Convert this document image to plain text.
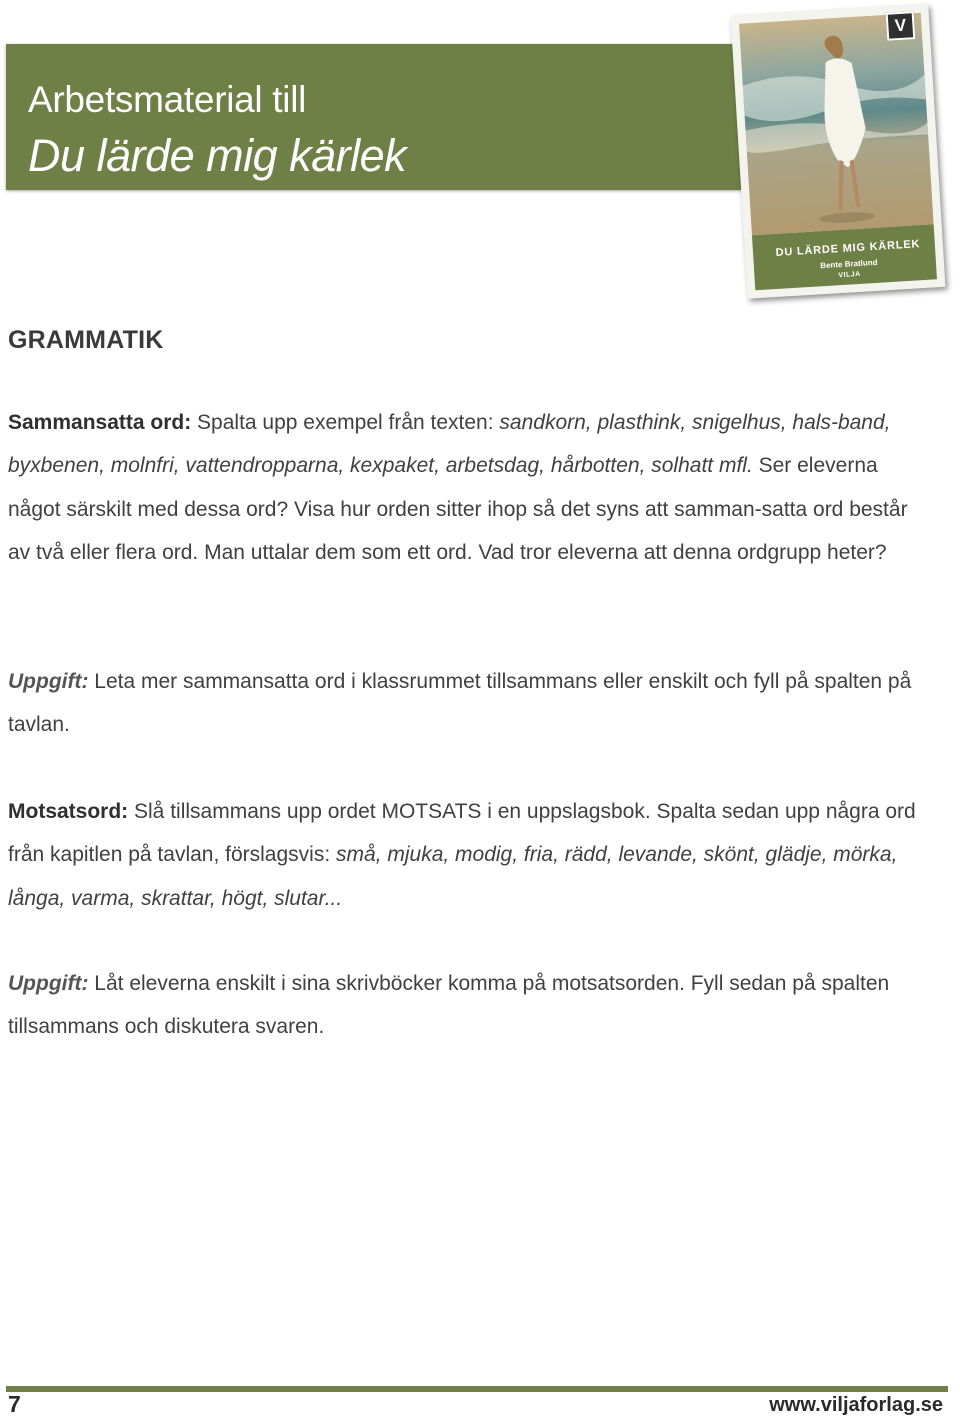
Arbetsmaterial till
Du lärde mig kärlek
V
DU LÄRDE MIG KÄRLEK
Bente Bratlund
VILJA
GRAMMATIK
Sammansatta ord: Spalta upp exempel från texten: sandkorn, plasthink, snigelhus, hals-band, byxbenen, molnfri, vattendropparna, kexpaket, arbetsdag, hårbotten, solhatt mfl. Ser eleverna något särskilt med dessa ord? Visa hur orden sitter ihop så det syns att samman-satta ord består av två eller flera ord. Man uttalar dem som ett ord. Vad tror eleverna att denna ordgrupp heter?
Uppgift: Leta mer sammansatta ord i klassrummet tillsammans eller enskilt och fyll på spalten på tavlan.
Motsatsord: Slå tillsammans upp ordet MOTSATS i en uppslagsbok. Spalta sedan upp några ord från kapitlen på tavlan, förslagsvis: små, mjuka, modig, fria, rädd, levande, skönt, glädje, mörka, långa, varma, skrattar, högt, slutar...
Uppgift: Låt eleverna enskilt i sina skrivböcker komma på motsatsorden. Fyll sedan på spalten tillsammans och diskutera svaren.
7	www.viljaforlag.se
